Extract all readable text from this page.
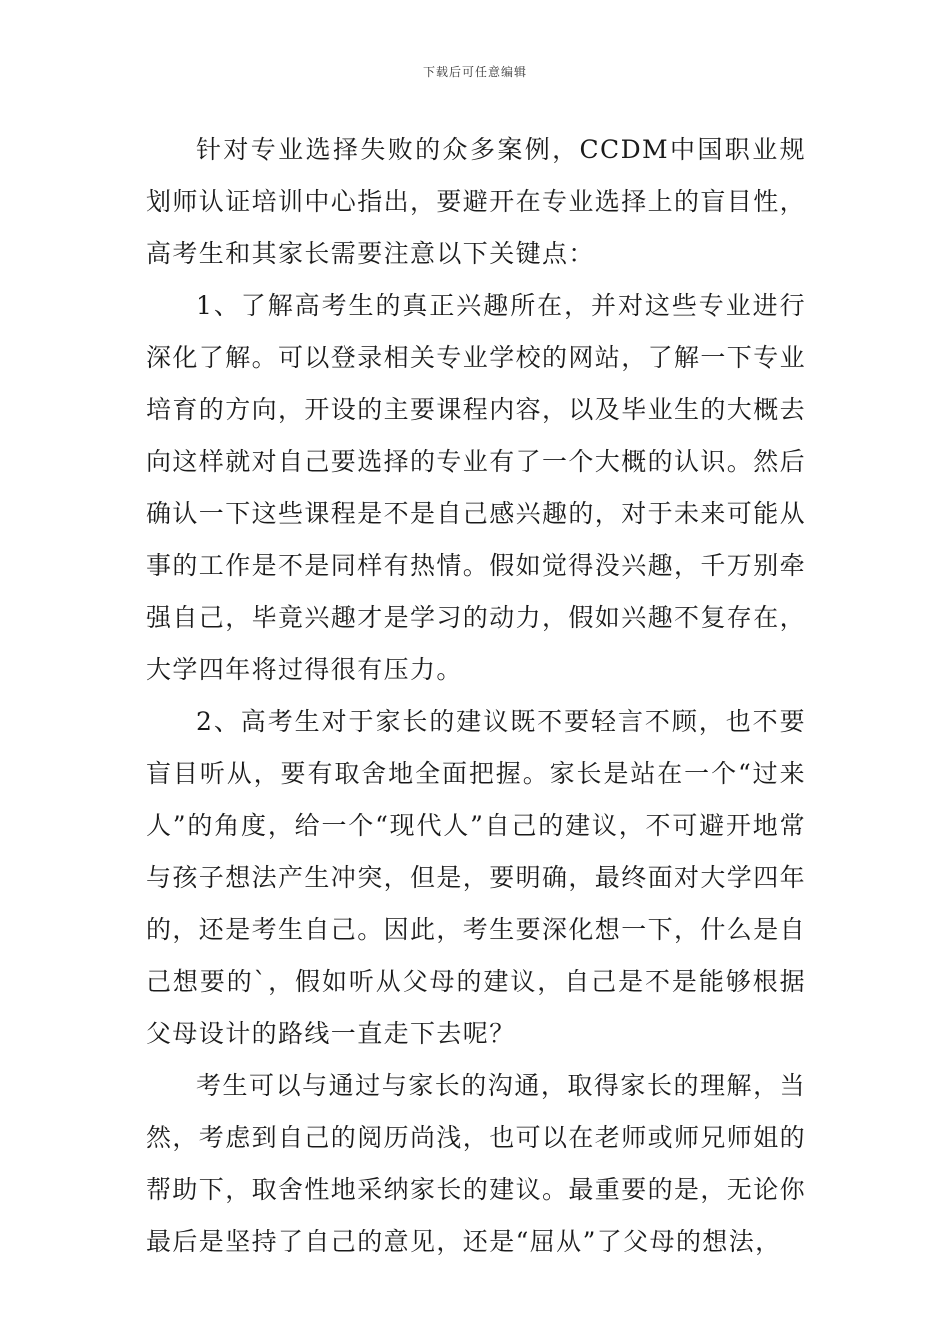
下载后可任意编辑

针对专业选择失败的众多案例，CCDM中国职业规划师认证培训中心指出，要避开在专业选择上的盲目性，高考生和其家长需要注意以下关键点：

1、了解高考生的真正兴趣所在，并对这些专业进行深化了解。可以登录相关专业学校的网站，了解一下专业培育的方向，开设的主要课程内容，以及毕业生的大概去向这样就对自己要选择的专业有了一个大概的认识。然后确认一下这些课程是不是自己感兴趣的，对于未来可能从事的工作是不是同样有热情。假如觉得没兴趣，千万别牵强自己，毕竟兴趣才是学习的动力，假如兴趣不复存在，大学四年将过得很有压力。

2、高考生对于家长的建议既不要轻言不顾，也不要盲目听从，要有取舍地全面把握。家长是站在一个“过来人”的角度，给一个“现代人”自己的建议，不可避开地常与孩子想法产生冲突，但是，要明确，最终面对大学四年的，还是考生自己。因此，考生要深化想一下，什么是自己想要的`，假如听从父母的建议，自己是不是能够根据父母设计的路线一直走下去呢？

考生可以与通过与家长的沟通，取得家长的理解，当然，考虑到自己的阅历尚浅，也可以在老师或师兄师姐的帮助下，取舍性地采纳家长的建议。最重要的是，无论你最后是坚持了自己的意见，还是“屈从”了父母的想法，
